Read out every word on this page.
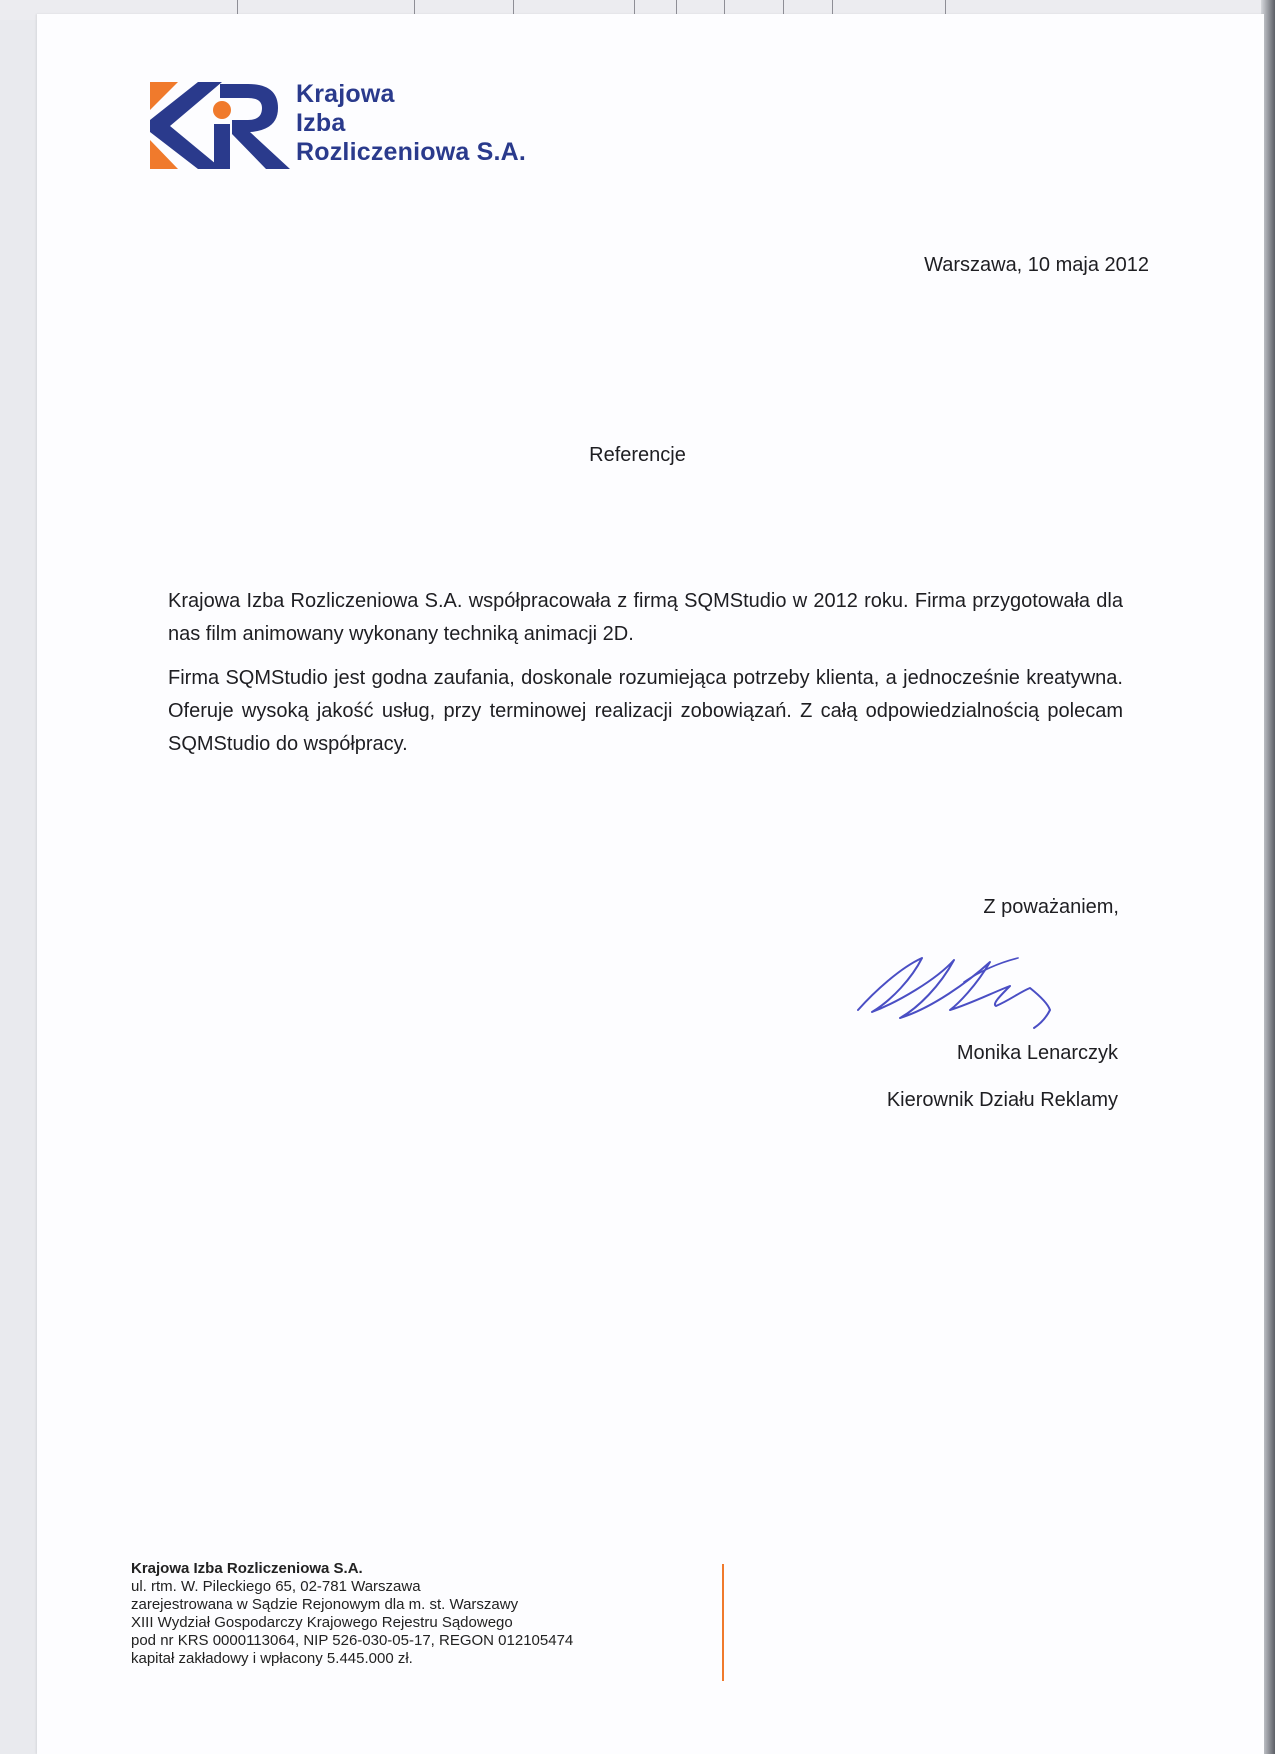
Krajowa
Izba
Rozliczeniowa S.A.
Warszawa, 10 maja 2012
Referencje

Krajowa Izba Rozliczeniowa S.A. współpracowała z firmą SQMStudio w 2012 roku. Firma przygotowała dla nas film animowany wykonany techniką animacji 2D.

Firma SQMStudio jest godna zaufania, doskonale rozumiejąca potrzeby klienta, a jednocześnie kreatywna. Oferuje wysoką jakość usług, przy terminowej realizacji zobowiązań. Z całą odpowiedzialnością polecam SQMStudio do współpracy.

Z poważaniem,
Monika Lenarczyk
Kierownik Działu Reklamy
Krajowa Izba Rozliczeniowa S.A.
ul. rtm. W. Pileckiego 65, 02-781 Warszawa
zarejestrowana w Sądzie Rejonowym dla m. st. Warszawy
XIII Wydział Gospodarczy Krajowego Rejestru Sądowego
pod nr KRS 0000113064, NIP 526-030-05-17, REGON 012105474
kapitał zakładowy i wpłacony 5.445.000 zł.
